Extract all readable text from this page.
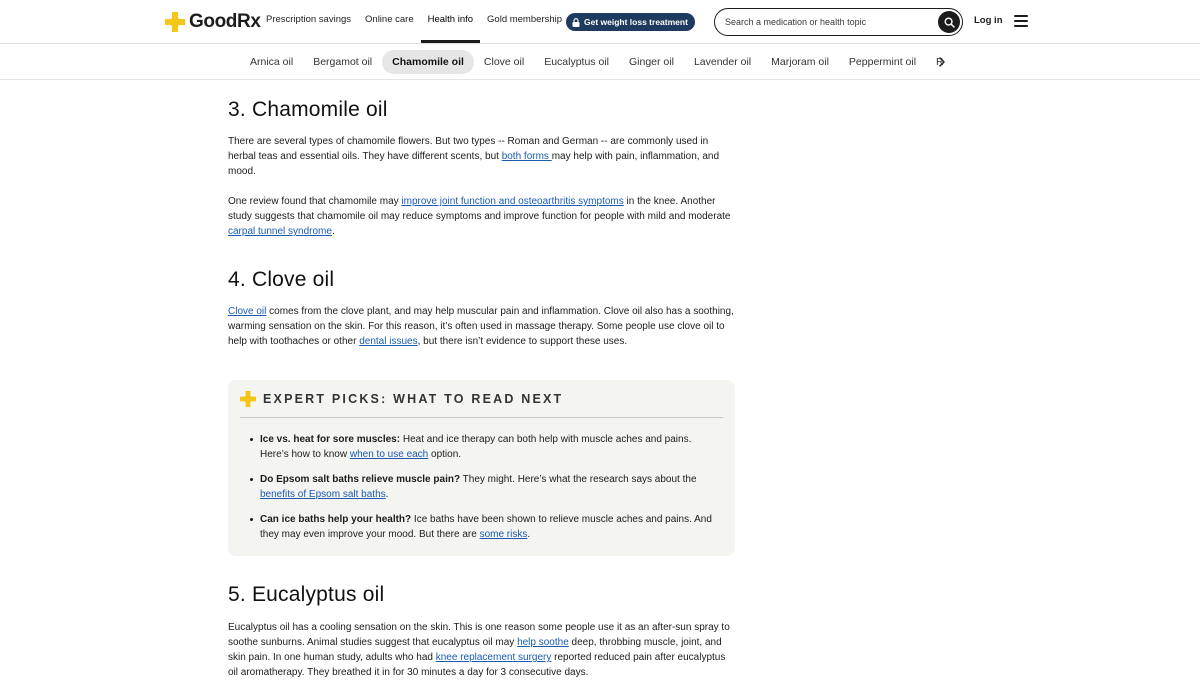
GoodRx Prescription savings	Online care	Health info	Gold membership	Get weight loss treatment
Search a medication or health topic	Log in
Arnica oil	Bergamot oil	Chamomile oil	Clove oil	Eucalyptus oil	Ginger oil	Lavender oil	Marjoram oil	Peppermint oil	R
3. Chamomile oil

There are several types of chamomile flowers. But two types -- Roman and German -- are commonly used in herbal teas and essential oils. They have different scents, but both forms may help with pain, inflammation, and mood.

One review found that chamomile may improve joint function and osteoarthritis symptoms in the knee. Another study suggests that chamomile oil may reduce symptoms and improve function for people with mild and moderate carpal tunnel syndrome.

4. Clove oil

Clove oil comes from the clove plant, and may help muscular pain and inflammation. Clove oil also has a soothing, warming sensation on the skin. For this reason, it’s often used in massage therapy. Some people use clove oil to help with toothaches or other dental issues, but there isn’t evidence to support these uses.

EXPERT PICKS: WHAT TO READ NEXT
Ice vs. heat for sore muscles: Heat and ice therapy can both help with muscle aches and pains. Here’s how to know when to use each option.
Do Epsom salt baths relieve muscle pain? They might. Here’s what the research says about the benefits of Epsom salt baths.
Can ice baths help your health? Ice baths have been shown to relieve muscle aches and pains. And they may even improve your mood. But there are some risks.
5. Eucalyptus oil

Eucalyptus oil has a cooling sensation on the skin. This is one reason some people use it as an after-sun spray to soothe sunburns. Animal studies suggest that eucalyptus oil may help soothe deep, throbbing muscle, joint, and skin pain. In one human study, adults who had knee replacement surgery reported reduced pain after eucalyptus oil aromatherapy. They breathed it in for 30 minutes a day for 3 consecutive days.
